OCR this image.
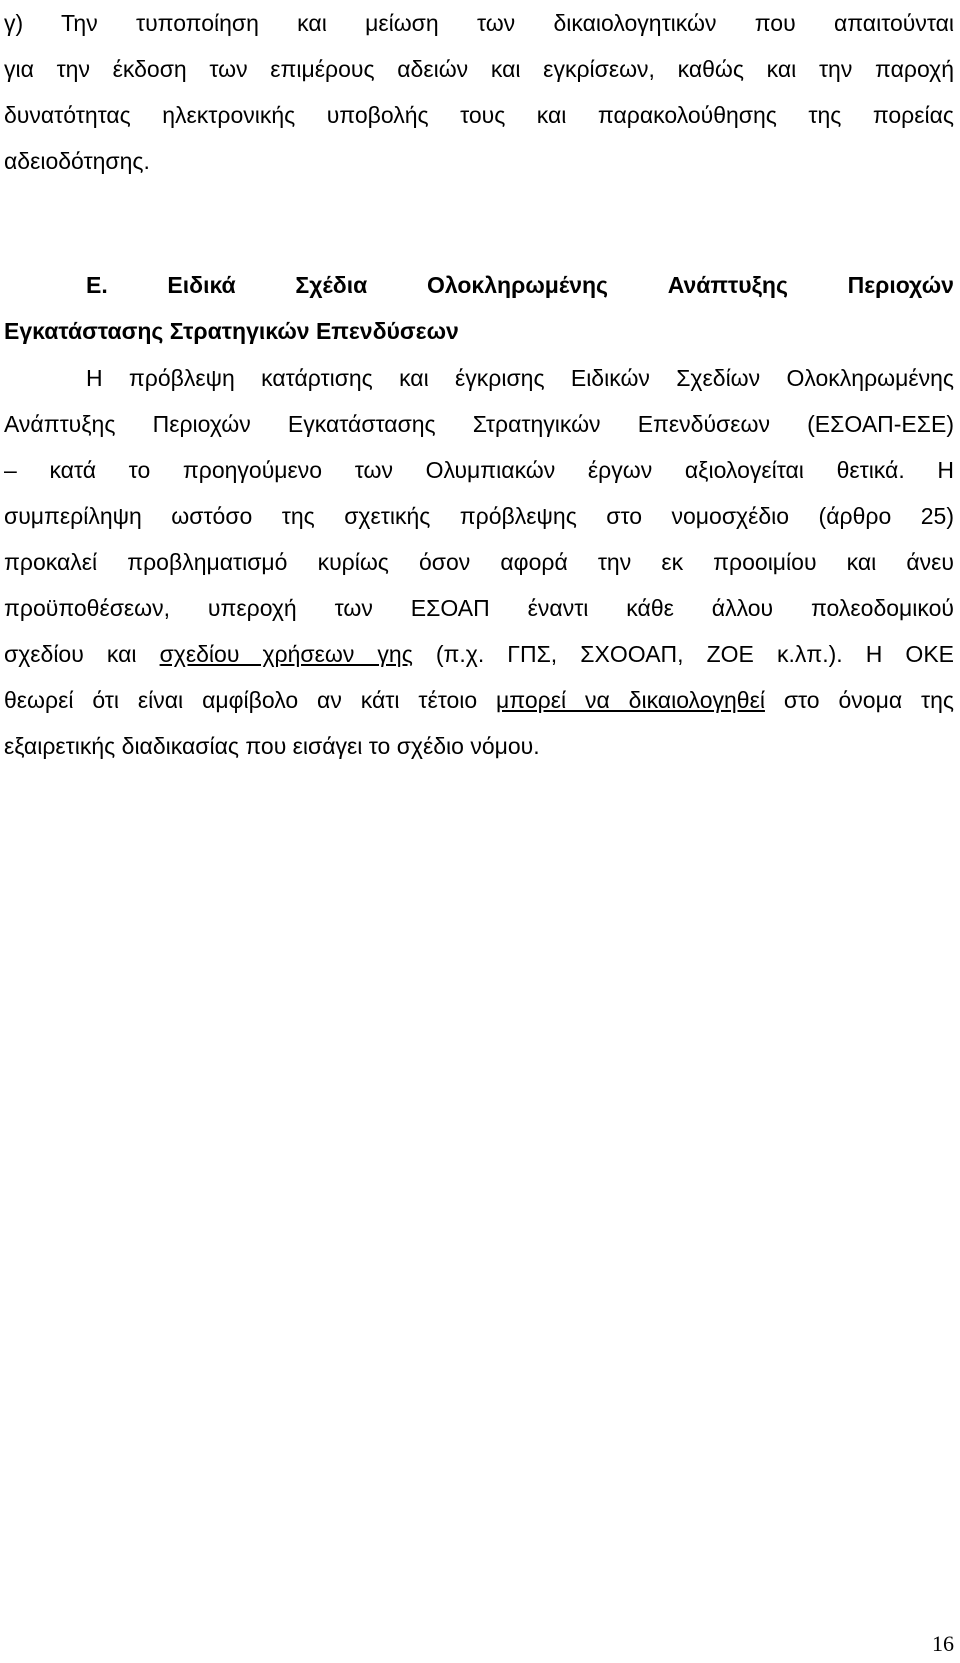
γ) Την τυποποίηση και μείωση των δικαιολογητικών που απαιτούνται
για την έκδοση των επιμέρους αδειών και εγκρίσεων, καθώς και την παροχή
δυνατότητας ηλεκτρονικής υποβολής τους και παρακολούθησης της πορείας
αδειοδότησης.
Ε.	Ειδικά	Σχέδια	Ολοκληρωμένης	Ανάπτυξης	Περιοχών
Εγκατάστασης Στρατηγικών Επενδύσεων
Η πρόβλεψη κατάρτισης και έγκρισης Ειδικών Σχεδίων Ολοκληρωμένης
Ανάπτυξης Περιοχών Εγκατάστασης Στρατηγικών Επενδύσεων (ΕΣΟΑΠ-ΕΣΕ)
– κατά το προηγούμενο των Ολυμπιακών έργων αξιολογείται θετικά. Η
συμπερίληψη ωστόσο της σχετικής πρόβλεψης στο νομοσχέδιο (άρθρο 25)
προκαλεί προβληματισμό κυρίως όσον αφορά την εκ προοιμίου και άνευ
προϋποθέσεων, υπεροχή των ΕΣΟΑΠ έναντι κάθε άλλου πολεοδομικού
σχεδίου και σχεδίου χρήσεων γης (π.χ. ΓΠΣ, ΣΧΟΟΑΠ, ΖΟΕ κ.λπ.). Η ΟΚΕ
θεωρεί ότι είναι αμφίβολο αν κάτι τέτοιο μπορεί να δικαιολογηθεί στο όνομα της
εξαιρετικής διαδικασίας που εισάγει το σχέδιο νόμου.
16
